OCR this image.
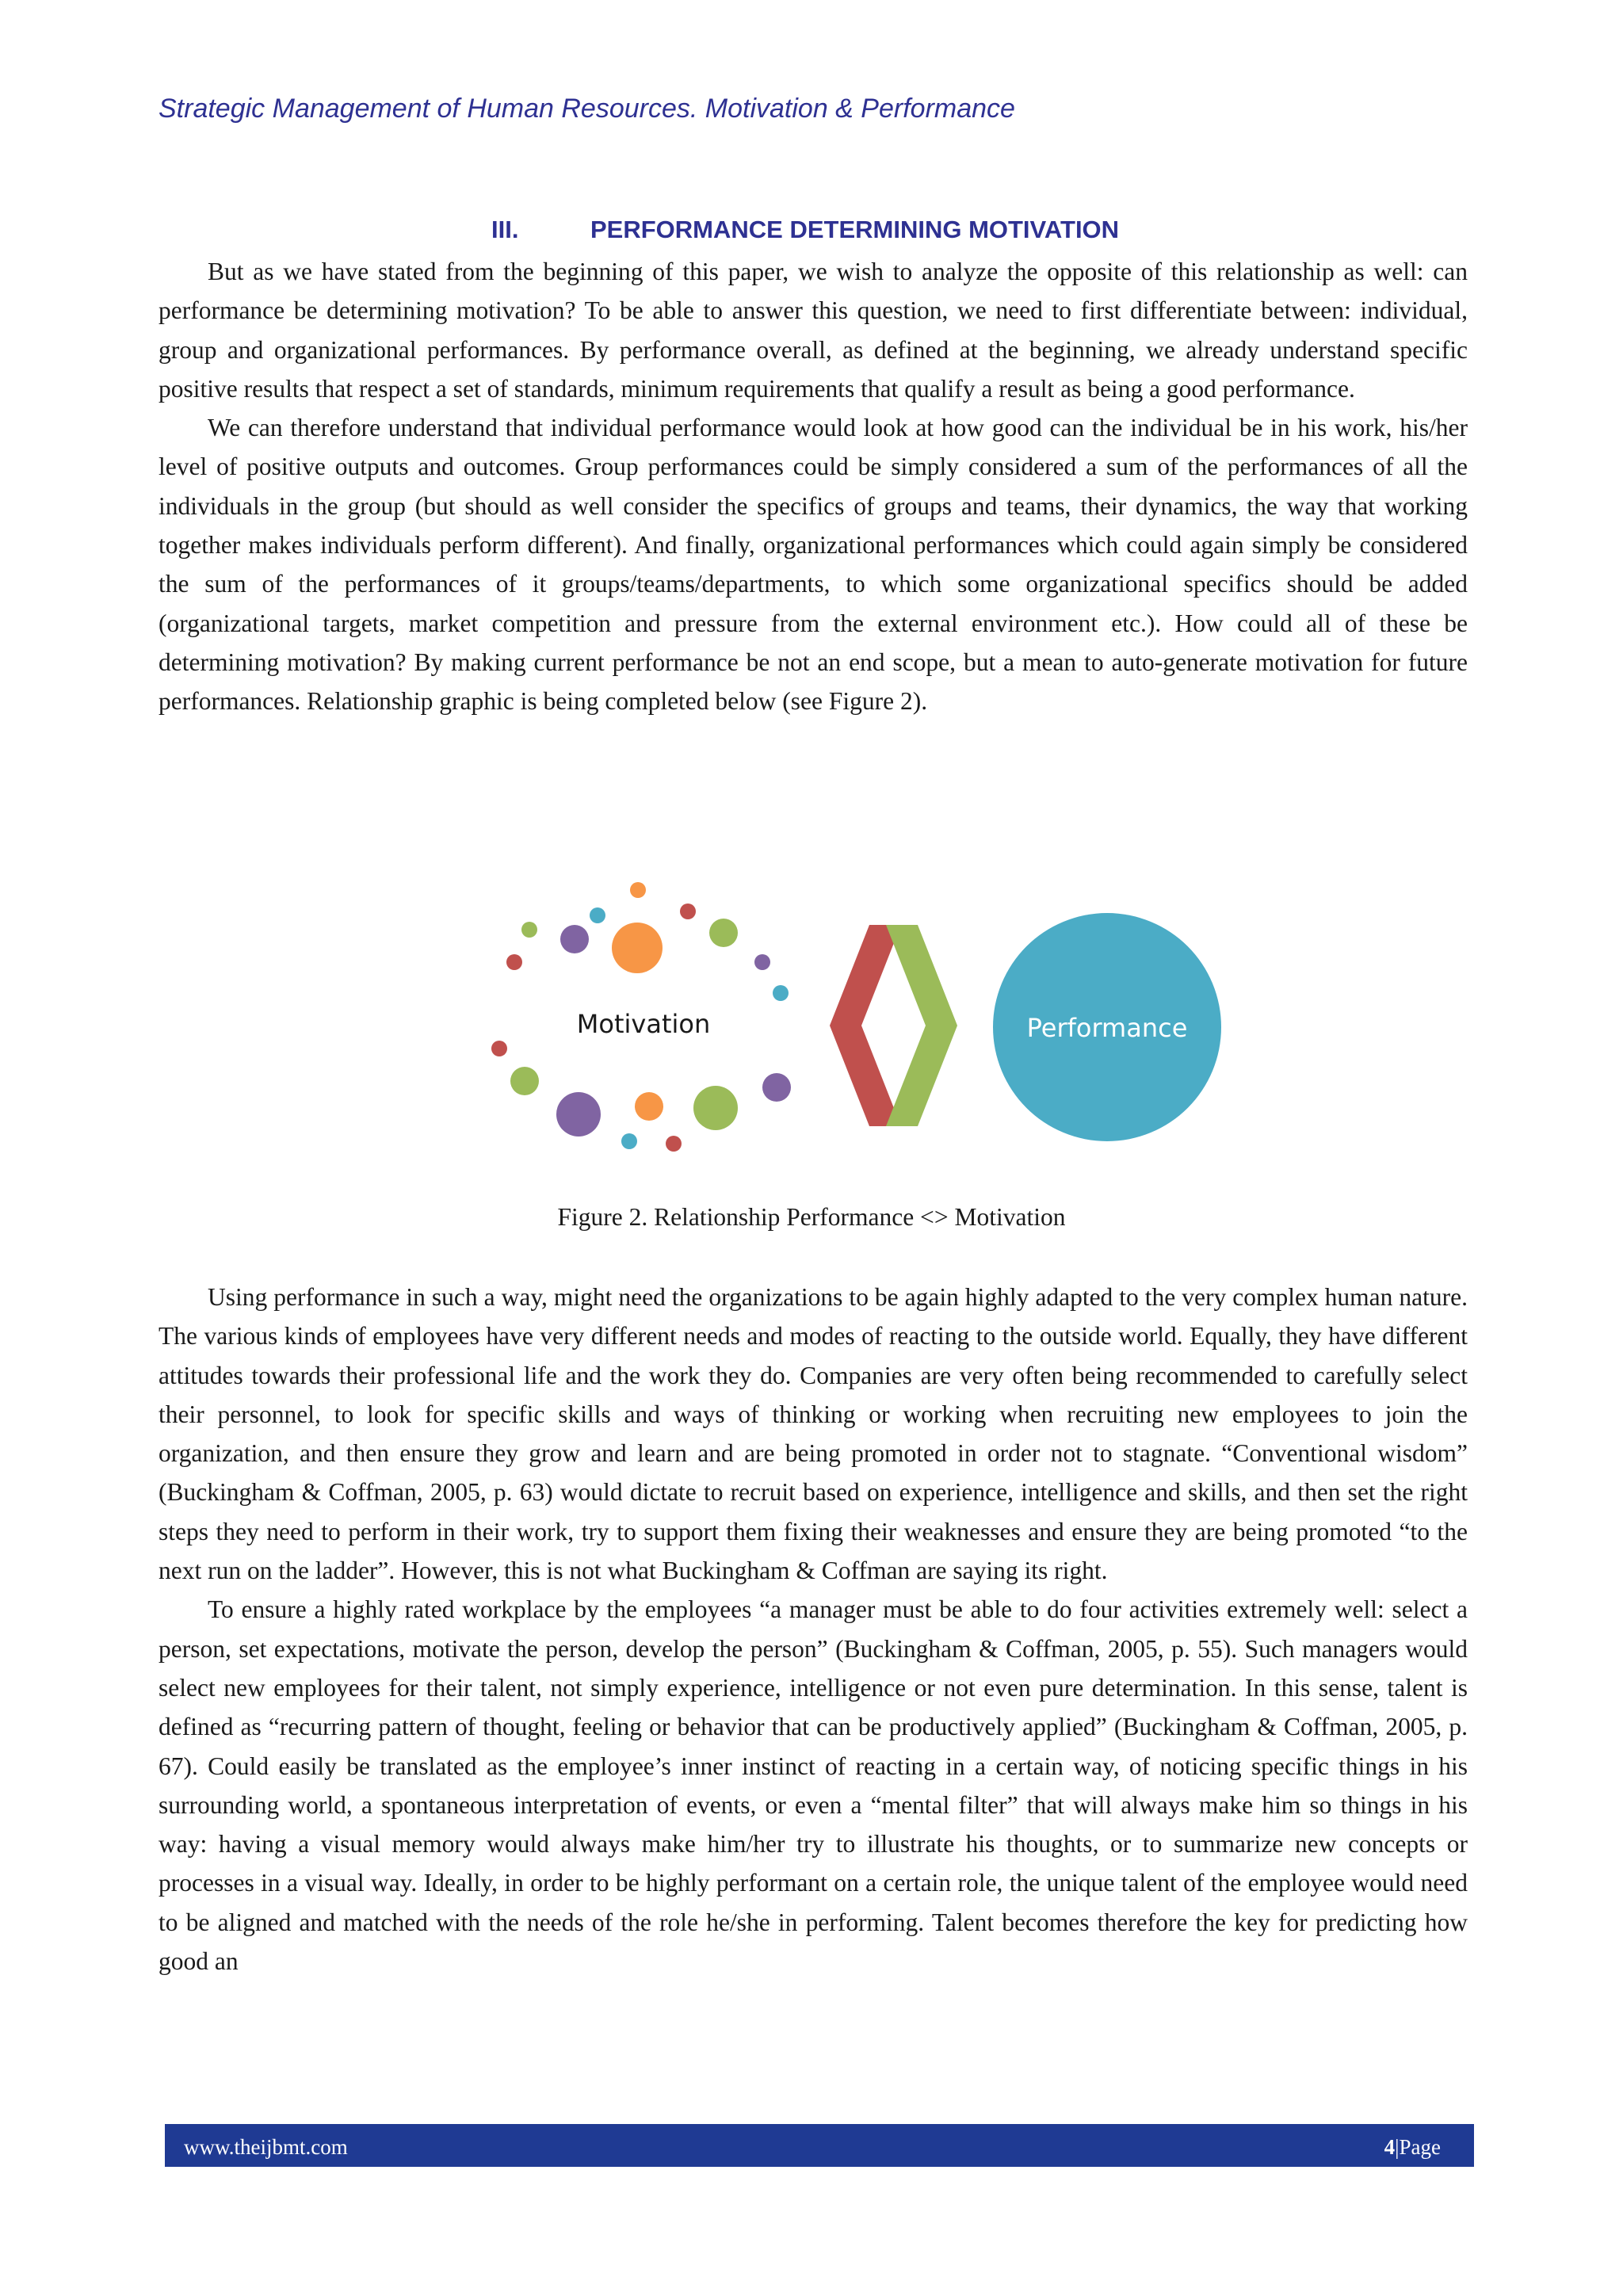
Strategic Management of Human Resources. Motivation & Performance
III.	PERFORMANCE DETERMINING MOTIVATION

But as we have stated from the beginning of this paper, we wish to analyze the opposite of this relationship as well: can performance be determining motivation? To be able to answer this question, we need to first differentiate between: individual, group and organizational performances. By performance overall, as defined at the beginning, we already understand specific positive results that respect a set of standards, minimum requirements that qualify a result as being a good performance.

We can therefore understand that individual performance would look at how good can the individual be in his work, his/her level of positive outputs and outcomes. Group performances could be simply considered a sum of the performances of all the individuals in the group (but should as well consider the specifics of groups and teams, their dynamics, the way that working together makes individuals perform different). And finally, organizational performances which could again simply be considered the sum of the performances of it groups/teams/departments, to which some organizational specifics should be added (organizational targets, market competition and pressure from the external environment etc.). How could all of these be determining motivation? By making current performance be not an end scope, but a mean to auto-generate motivation for future performances. Relationship graphic is being completed below (see Figure 2).

Motivation	Performance
Figure 2. Relationship Performance <> Motivation

Using performance in such a way, might need the organizations to be again highly adapted to the very complex human nature. The various kinds of employees have very different needs and modes of reacting to the outside world. Equally, they have different attitudes towards their professional life and the work they do. Companies are very often being recommended to carefully select their personnel, to look for specific skills and ways of thinking or working when recruiting new employees to join the organization, and then ensure they grow and learn and are being promoted in order not to stagnate. “Conventional wisdom” (Buckingham & Coffman, 2005, p. 63) would dictate to recruit based on experience, intelligence and skills, and then set the right steps they need to perform in their work, try to support them fixing their weaknesses and ensure they are being promoted “to the next run on the ladder”. However, this is not what Buckingham & Coffman are saying its right.

To ensure a highly rated workplace by the employees “a manager must be able to do four activities extremely well: select a person, set expectations, motivate the person, develop the person” (Buckingham & Coffman, 2005, p. 55). Such managers would select new employees for their talent, not simply experience, intelligence or not even pure determination. In this sense, talent is defined as “recurring pattern of thought, feeling or behavior that can be productively applied” (Buckingham & Coffman, 2005, p. 67). Could easily be translated as the employee’s inner instinct of reacting in a certain way, of noticing specific things in his surrounding world, a spontaneous interpretation of events, or even a “mental filter” that will always make him so things in his way: having a visual memory would always make him/her try to illustrate his thoughts, or to summarize new concepts or processes in a visual way. Ideally, in order to be highly performant on a certain role, the unique talent of the employee would need to be aligned and matched with the needs of the role he/she in performing. Talent becomes therefore the key for predicting how good an

www.theijbmt.com	4|Page
